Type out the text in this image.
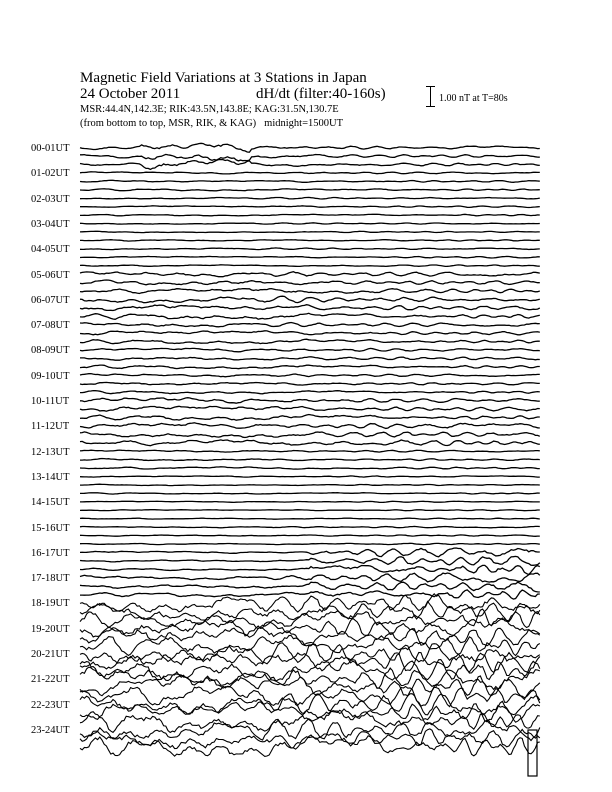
Magnetic Field Variations at 3 Stations in Japan
24 October 2011	dH/dt (filter:40-160s)
MSR:44.4N,142.3E; RIK:43.5N,143.8E; KAG:31.5N,130.7E
(from bottom to top, MSR, RIK, & KAG) midnight=1500UT
1.00 nT at T=80s
00-01UT
01-02UT
02-03UT
03-04UT
04-05UT
05-06UT
06-07UT
07-08UT
08-09UT
09-10UT
10-11UT
11-12UT
12-13UT
13-14UT
14-15UT
15-16UT
16-17UT
17-18UT
18-19UT
19-20UT
20-21UT
21-22UT
22-23UT
23-24UT
